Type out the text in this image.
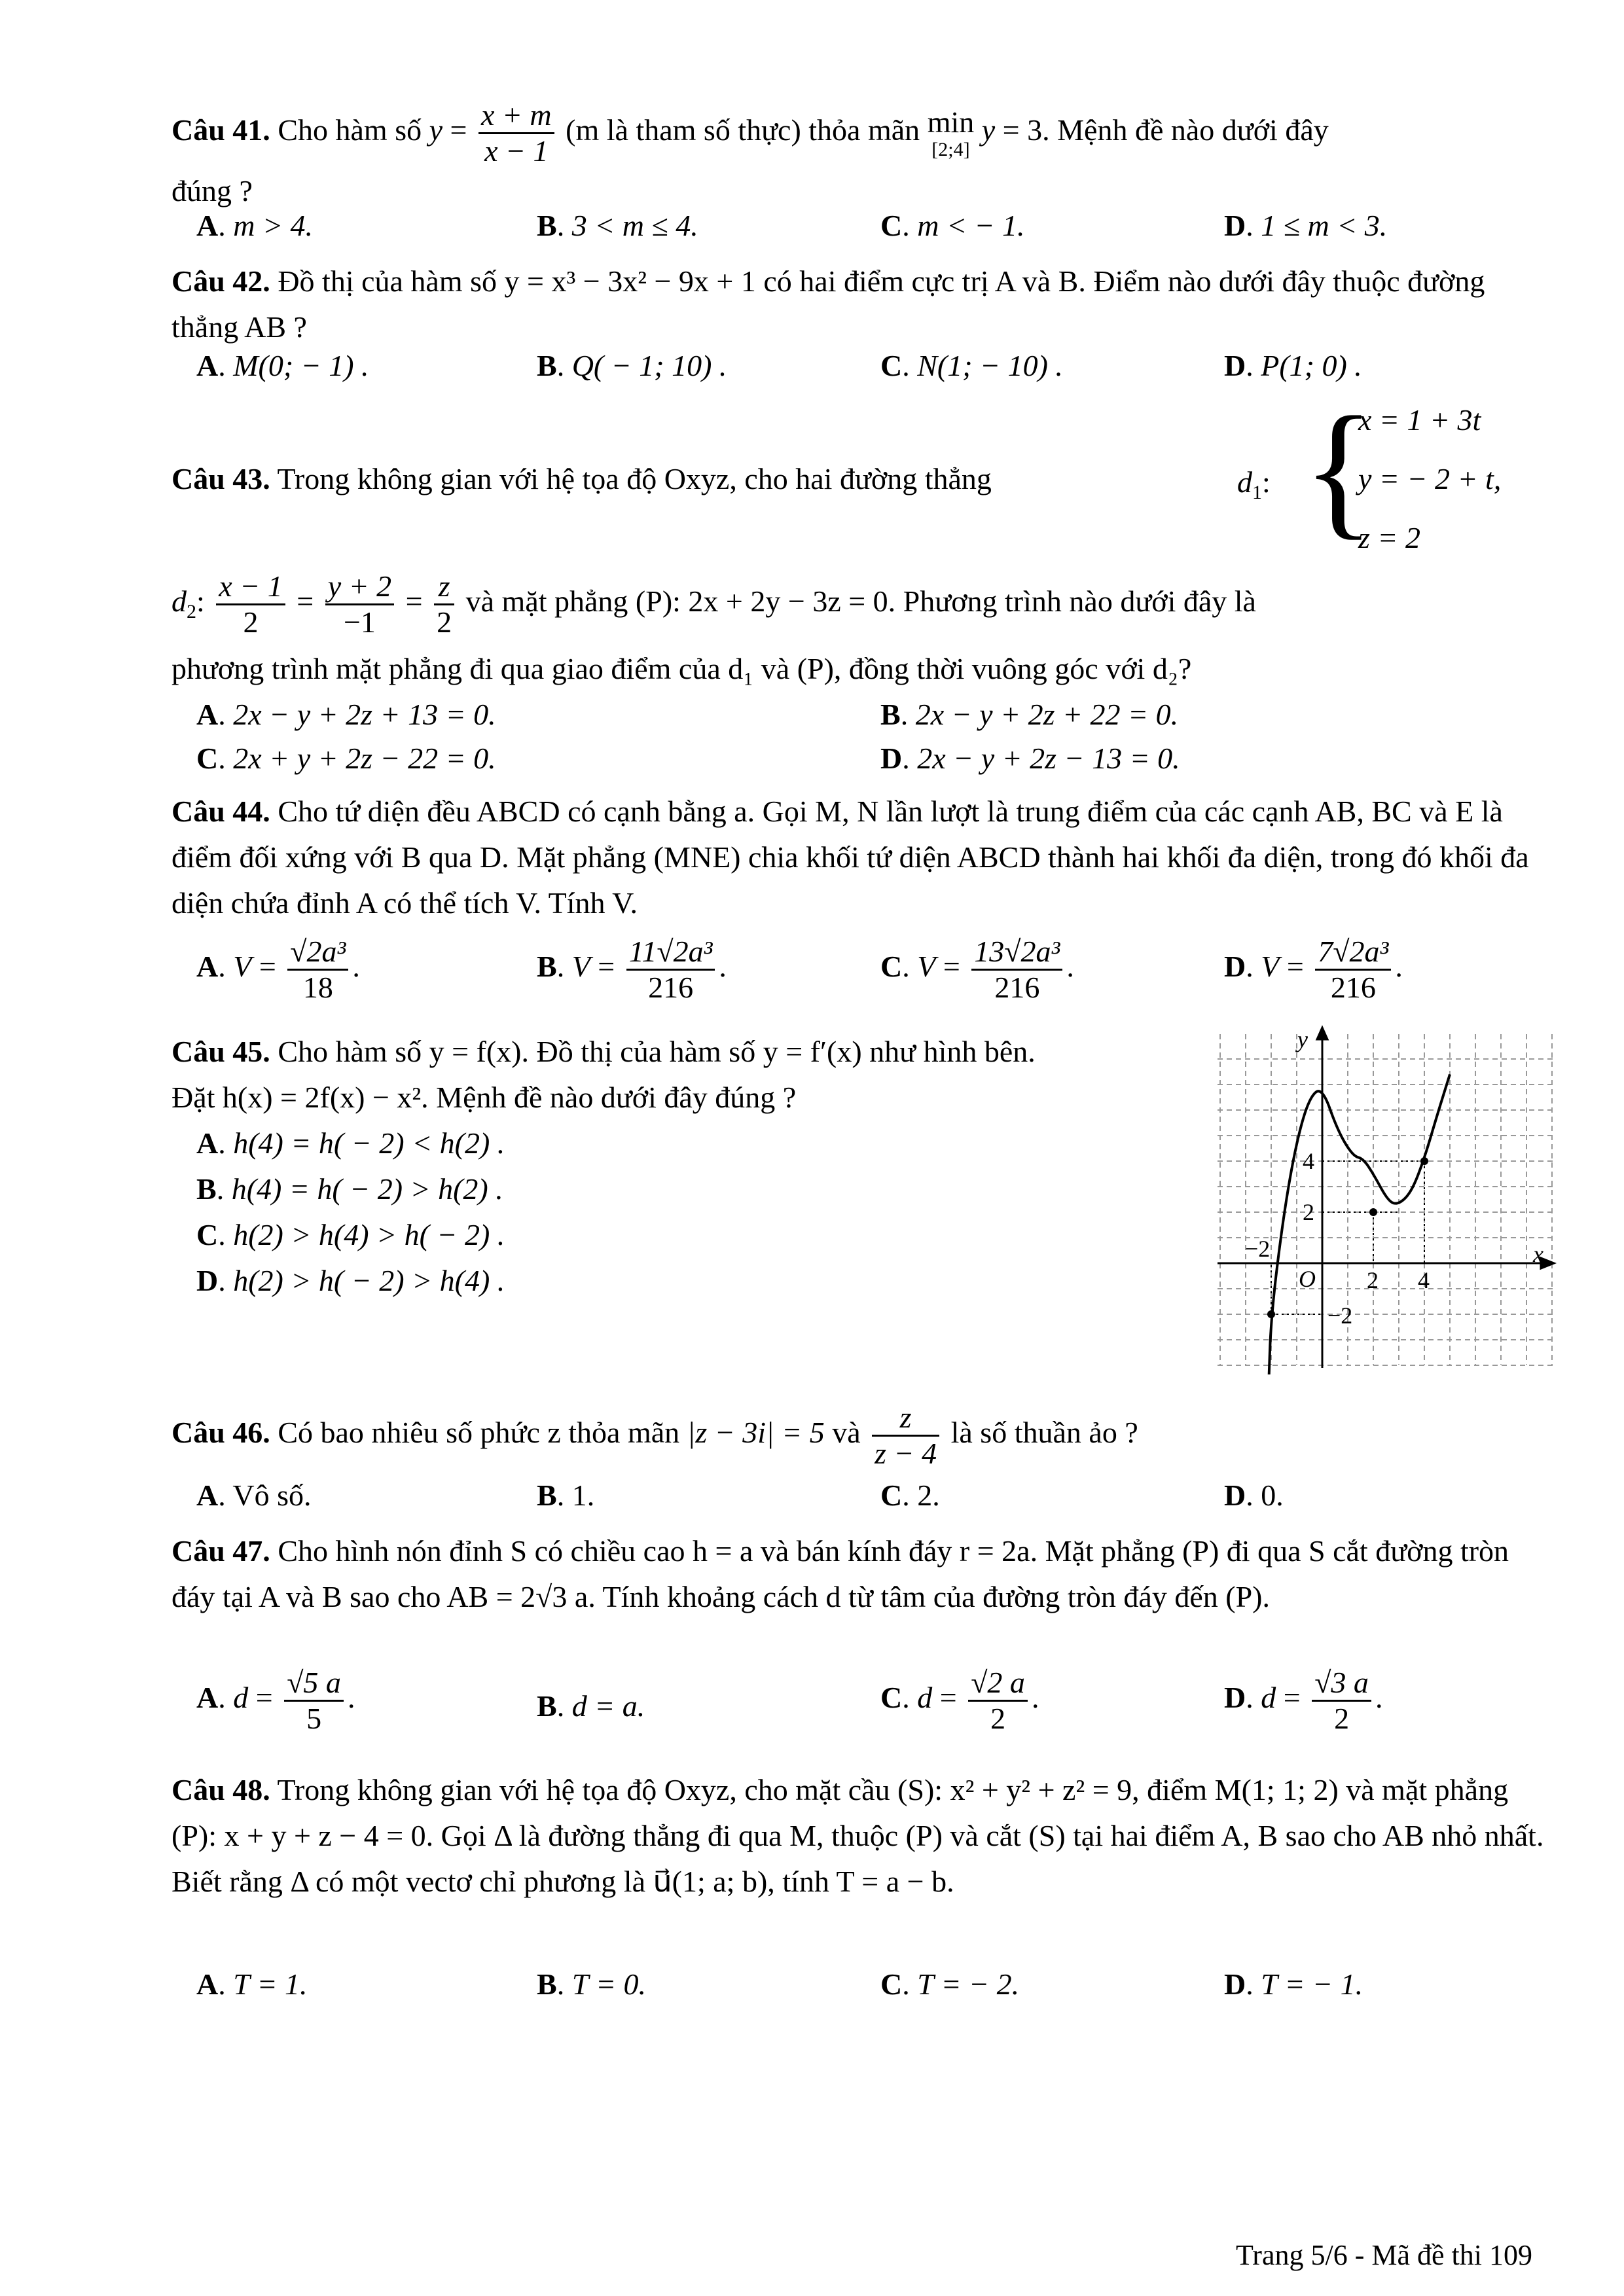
Câu 41. Cho hàm số $y = \frac{x + m}{x - 1} (m$ là tham số thực) thỏa mãn min
[2;4] y = 3. Mệnh đề nào dưới đây
đúng ?
A. m > 4.	B. 3 < m ≤ 4.	C. m < − 1.	D. 1 ≤ m < 3.
Câu 42. Đồ thị của hàm số y = x³ − 3x² − 9x + 1 có hai điểm cực trị A và B. Điểm nào dưới đây thuộc đường thẳng AB ?
A. M(0; − 1) .	B. Q( − 1; 10) .	C. N(1; − 10) .	D. P(1; 0) .
Câu 43. Trong không gian với hệ tọa độ Oxyz, cho hai đường thẳng	$d_1$: {
x = 1 + 3t
y = − 2 + t,
z = 2
$d_2$: $\frac{x - 1}{2} = \frac{y + 2}{-1} = \frac{z}{2}$ và mặt phẳng (P): 2x + 2y − 3z = 0. Phương trình nào dưới đây là
phương trình mặt phẳng đi qua giao điểm của d₁ và (P), đồng thời vuông góc với d₂?
A. 2x − y + 2z + 13 = 0.	B. 2x − y + 2z + 22 = 0.
C. 2x + y + 2z − 22 = 0.	D. 2x − y + 2z − 13 = 0.
Câu 44. Cho tứ diện đều ABCD có cạnh bằng a. Gọi M, N lần lượt là trung điểm của các cạnh AB, BC và E là điểm đối xứng với B qua D. Mặt phẳng (MNE) chia khối tứ diện ABCD thành hai khối đa diện, trong đó khối đa diện chứa đỉnh A có thể tích V. Tính V.
A. $V = \frac{\text{√2a³}}{18}$ .	B. $V = \frac{\text{11√2a³}}{216}$ .	C. $V = \frac{\text{13√2a³}}{216}$ .	D. $V = \frac{\text{7√2a³}}{216}$ .
Câu 45. Cho hàm số y = f(x). Đồ thị của hàm số y = f′(x) như hình bên.
Đặt h(x) = 2f(x) − x². Mệnh đề nào dưới đây đúng ?
A. h(4) = h( − 2) < h(2) .
B. h(4) = h( − 2) > h(2) .
C. h(2) > h(4) > h( − 2) .
D. h(2) > h( − 2) > h(4) .
y
x
O
4
2
−2
2 4
−2
Câu 46. Có bao nhiêu số phức z thỏa mãn |z − 3i| = 5 và $\frac{z}{z - 4}$ là số thuần ảo ?
A. Vô số.	B. 1.	C. 2.	D. 0.
Câu 47. Cho hình nón đỉnh S có chiều cao h = a và bán kính đáy r = 2a. Mặt phẳng (P) đi qua S cắt đường tròn đáy tại A và B sao cho AB = 2√3 a. Tính khoảng cách d từ tâm của đường tròn đáy đến (P).
A. $d = \frac{√5 a}{5}$ .	B. d = a.	C. $d = \frac{√2 a}{2}$ .	D. $d = \frac{√3 a}{2}$ .
Câu 48. Trong không gian với hệ tọa độ Oxyz, cho mặt cầu (S): x² + y² + z² = 9, điểm M(1; 1; 2) và mặt phẳng (P): x + y + z − 4 = 0. Gọi Δ là đường thẳng đi qua M, thuộc (P) và cắt (S) tại hai điểm A, B sao cho AB nhỏ nhất. Biết rằng Δ có một vectơ chỉ phương là u⃗(1; a; b), tính T = a − b.
A. T = 1.	B. T = 0.	C. T = − 2.	D. T = − 1.
Trang 5/6 - Mã đề thi 109
